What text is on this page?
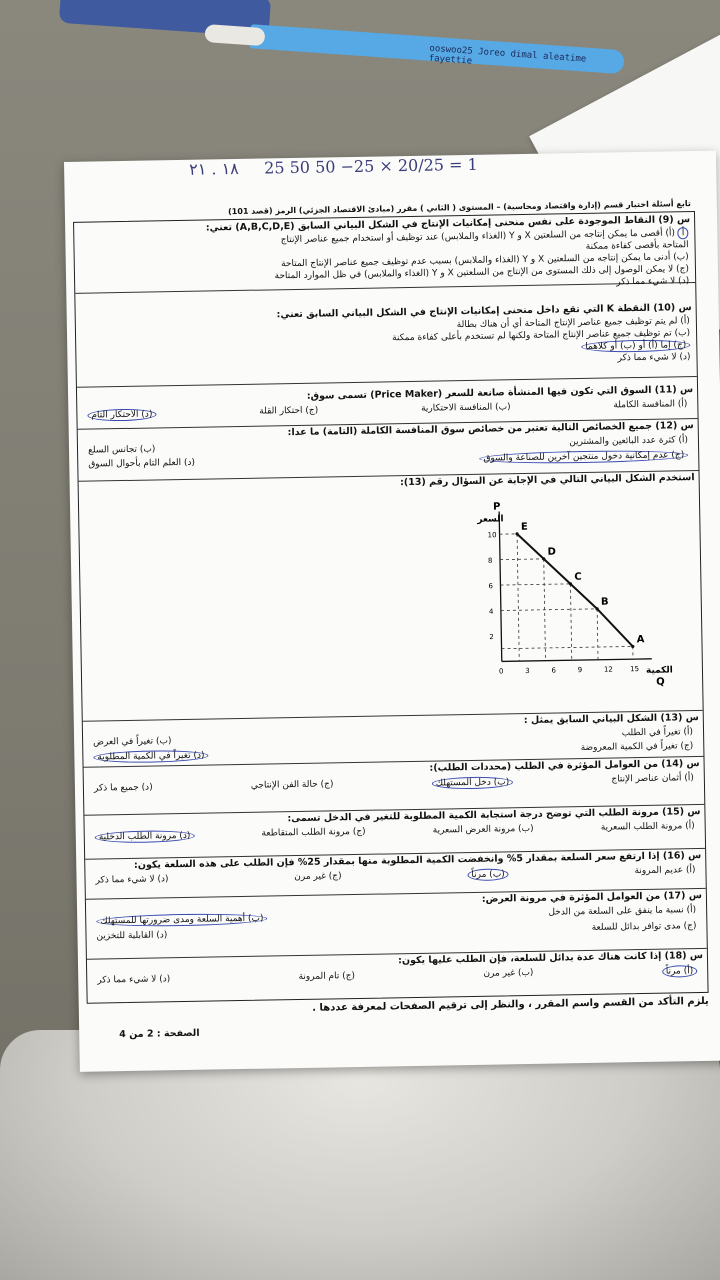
ooswoo25 Joreo dimal aleatime fayettie
١٨ . ٢١ 25 50 50 −25 × 20/25 = 1
تابع أسئلة اختبار قسم (إدارة واقتصاد ومحاسبة) – المستوى ( الثاني ) مقرر (مبادئ الاقتصاد الجزئي) الرمز (قصد 101)
س (9) النقاط الموجودة على نفس منحنى إمكانيات الإنتاج في الشكل البياني السابق (A,B,C,D,E) تعني:
أ (أ) أقصى ما يمكن إنتاجه من السلعتين X و Y (الغذاء والملابس) عند توظيف أو استخدام جميع عناصر الإنتاج
المتاحة بأقصى كفاءة ممكنة
(ب) أدنى ما يمكن إنتاجه من السلعتين X و Y (الغذاء والملابس) بسبب عدم توظيف جميع عناصر الإنتاج المتاحة
(ج) لا يمكن الوصول إلى ذلك المستوى من الإنتاج من السلعتين X و Y (الغذاء والملابس) في ظل الموارد المتاحة
(د) لا شيء مما ذكر
س (10) النقطة K التي تقع داخل منحنى إمكانيات الإنتاج في الشكل البياني السابق تعني:
(أ) لم يتم توظيف جميع عناصر الإنتاج المتاحة أي أن هناك بطالة
(ب) تم توظيف جميع عناصر الإنتاج المتاحة ولكنها لم تستخدم بأعلى كفاءة ممكنة
(ج) إما (أ) أو (ب) أو كلاهما
(د) لا شيء مما ذكر
س (11) السوق التي تكون فيها المنشأة صانعة للسعر (Price Maker) تسمى سوق:
(أ) المنافسة الكاملة
(ب) المنافسة الاحتكارية
(ج) احتكار القلة
(د) الاحتكار التام
س (12) جميع الخصائص التالية تعتبر من خصائص سوق المنافسة الكاملة (التامة) ما عدا:
(أ) كثرة عدد البائعين والمشترين
(ب) تجانس السلع
(ج) عدم إمكانية دخول منتجين آخرين للصناعة والسوق
(د) العلم التام بأحوال السوق
استخدم الشكل البياني التالي في الإجابة عن السؤال رقم (13):
P
السعر
الكمية
Q
0	3	6	9	12 15
2
4
6
8
10
E
D
C
B
A
س (13) الشكل البياني السابق يمثل :
(أ) تغيراً في الطلب
(ب) تغيراً في العرض	(ج) تغيراً في الكمية المعروضة
(د) تغيراً في الكمية المطلوبة
س (14) من العوامل المؤثرة في الطلب (محددات الطلب):
(أ) أثمان عناصر الإنتاج
(ب) دخل المستهلك
(ج) حالة الفن الإنتاجي
(د) جميع ما ذكر
س (15) مرونة الطلب التي توضح درجة استجابة الكمية المطلوبة للتغير في الدخل تسمى:
(أ) مرونة الطلب السعرية
(ب) مرونة العرض السعرية
(ج) مرونة الطلب المتقاطعة
(د) مرونة الطلب الدخلية
س (16) إذا ارتفع سعر السلعة بمقدار 5% وانخفضت الكمية المطلوبة منها بمقدار 25% فإن الطلب على هذه السلعة يكون:
(أ) عديم المرونة
(ب) مرناً
(ج) غير مرن
(د) لا شيء مما ذكر
س (17) من العوامل المؤثرة في مرونة العرض:
(أ) نسبة ما ينفق على السلعة من الدخل
(ب) أهمية السلعة ومدى ضرورتها للمستهلك
(ج) مدى توافر بدائل للسلعة
(د) القابلية للتخزين
س (18) إذا كانت هناك عدة بدائل للسلعة، فإن الطلب عليها يكون:
(أ) مرناً
(ب) غير مرن
(ج) تام المرونة
(د) لا شيء مما ذكر
يلزم التأكد من القسم واسم المقرر ، والنظر إلى ترقيم الصفحات لمعرفة عددها .
الصفحة : 2 من 4
